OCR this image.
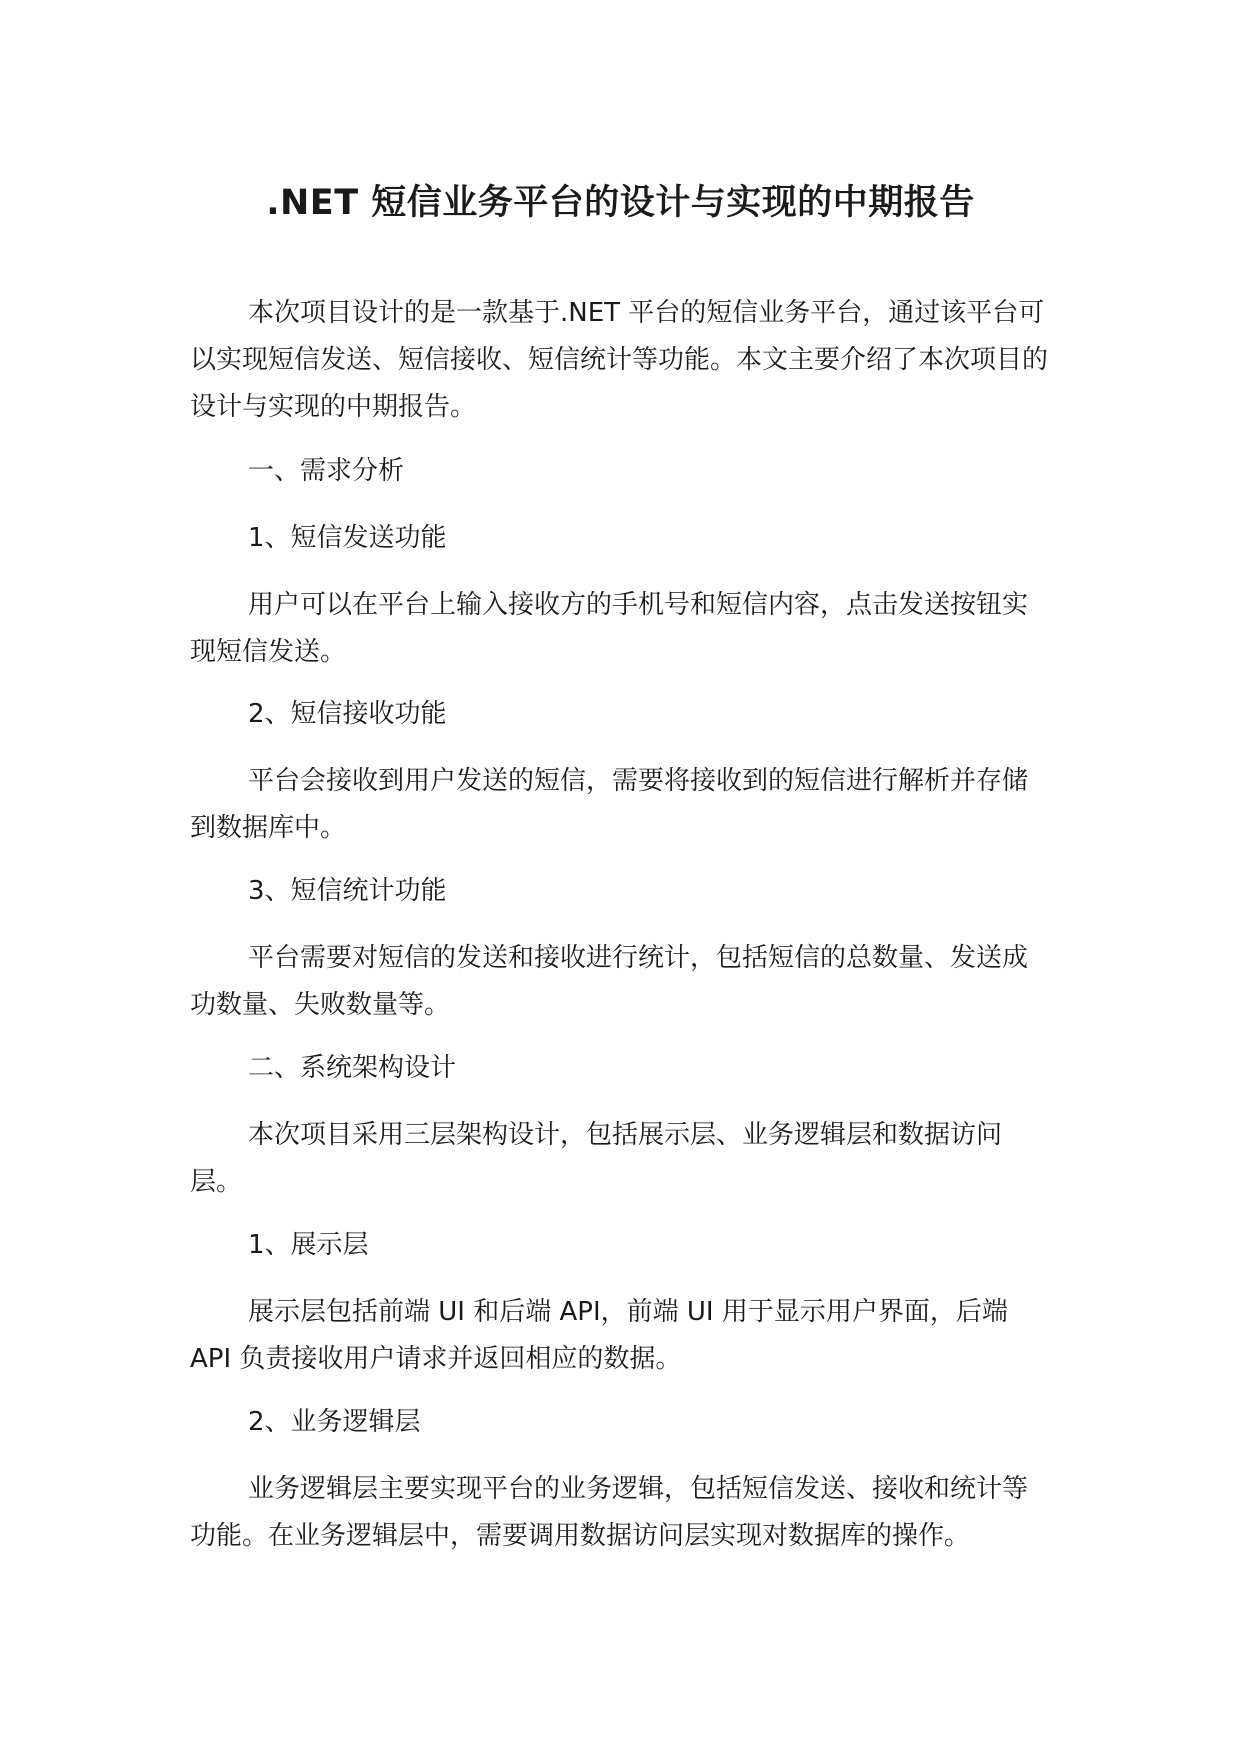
.NET 短信业务平台的设计与实现的中期报告

本次项目设计的是一款基于.NET 平台的短信业务平台，通过该平台可以实现短信发送、短信接收、短信统计等功能。本文主要介绍了本次项目的设计与实现的中期报告。

一、需求分析

1、短信发送功能

用户可以在平台上输入接收方的手机号和短信内容，点击发送按钮实现短信发送。

2、短信接收功能

平台会接收到用户发送的短信，需要将接收到的短信进行解析并存储到数据库中。

3、短信统计功能

平台需要对短信的发送和接收进行统计，包括短信的总数量、发送成功数量、失败数量等。

二、系统架构设计

本次项目采用三层架构设计，包括展示层、业务逻辑层和数据访问层。

1、展示层

展示层包括前端 UI 和后端 API，前端 UI 用于显示用户界面，后端 API 负责接收用户请求并返回相应的数据。

2、业务逻辑层

业务逻辑层主要实现平台的业务逻辑，包括短信发送、接收和统计等功能。在业务逻辑层中，需要调用数据访问层实现对数据库的操作。
